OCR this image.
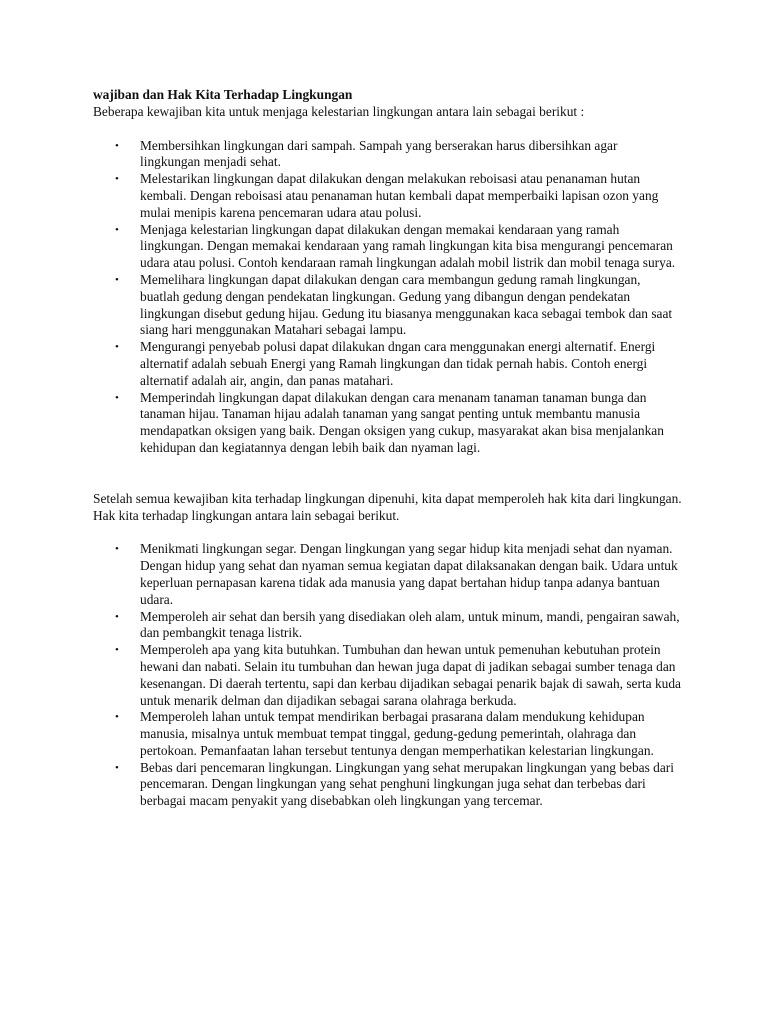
wajiban dan Hak Kita Terhadap Lingkungan

Beberapa kewajiban kita untuk menjaga kelestarian lingkungan antara lain sebagai berikut :

• Membersihkan lingkungan dari sampah. Sampah yang berserakan harus dibersihkan agar lingkungan menjadi sehat.
• Melestarikan lingkungan dapat dilakukan dengan melakukan reboisasi atau penanaman hutan kembali. Dengan reboisasi atau penanaman hutan kembali dapat memperbaiki lapisan ozon yang mulai menipis karena pencemaran udara atau polusi.
• Menjaga kelestarian lingkungan dapat dilakukan dengan memakai kendaraan yang ramah lingkungan. Dengan memakai kendaraan yang ramah lingkungan kita bisa mengurangi pencemaran udara atau polusi. Contoh kendaraan ramah lingkungan adalah mobil listrik dan mobil tenaga surya.
• Memelihara lingkungan dapat dilakukan dengan cara membangun gedung ramah lingkungan, buatlah gedung dengan pendekatan lingkungan. Gedung yang dibangun dengan pendekatan lingkungan disebut gedung hijau. Gedung itu biasanya menggunakan kaca sebagai tembok dan saat siang hari menggunakan Matahari sebagai lampu.
• Mengurangi penyebab polusi dapat dilakukan dngan cara menggunakan energi alternatif. Energi alternatif adalah sebuah Energi yang Ramah lingkungan dan tidak pernah habis. Contoh energi alternatif adalah air, angin, dan panas matahari.
• Memperindah lingkungan dapat dilakukan dengan cara menanam tanaman tanaman bunga dan tanaman hijau. Tanaman hijau adalah tanaman yang sangat penting untuk membantu manusia mendapatkan oksigen yang baik. Dengan oksigen yang cukup, masyarakat akan bisa menjalankan kehidupan dan kegiatannya dengan lebih baik dan nyaman lagi.

Setelah semua kewajiban kita terhadap lingkungan dipenuhi, kita dapat memperoleh hak kita dari lingkungan. Hak kita terhadap lingkungan antara lain sebagai berikut.

• Menikmati lingkungan segar. Dengan lingkungan yang segar hidup kita menjadi sehat dan nyaman. Dengan hidup yang sehat dan nyaman semua kegiatan dapat dilaksanakan dengan baik. Udara untuk keperluan pernapasan karena tidak ada manusia yang dapat bertahan hidup tanpa adanya bantuan udara.
• Memperoleh air sehat dan bersih yang disediakan oleh alam, untuk minum, mandi, pengairan sawah, dan pembangkit tenaga listrik.
• Memperoleh apa yang kita butuhkan. Tumbuhan dan hewan untuk pemenuhan kebutuhan protein hewani dan nabati. Selain itu tumbuhan dan hewan juga dapat di jadikan sebagai sumber tenaga dan kesenangan. Di daerah tertentu, sapi dan kerbau dijadikan sebagai penarik bajak di sawah, serta kuda untuk menarik delman dan dijadikan sebagai sarana olahraga berkuda.
• Memperoleh lahan untuk tempat mendirikan berbagai prasarana dalam mendukung kehidupan manusia, misalnya untuk membuat tempat tinggal, gedung-gedung pemerintah, olahraga dan pertokoan. Pemanfaatan lahan tersebut tentunya dengan memperhatikan kelestarian lingkungan.
• Bebas dari pencemaran lingkungan. Lingkungan yang sehat merupakan lingkungan yang bebas dari pencemaran. Dengan lingkungan yang sehat penghuni lingkungan juga sehat dan terbebas dari berbagai macam penyakit yang disebabkan oleh lingkungan yang tercemar.
